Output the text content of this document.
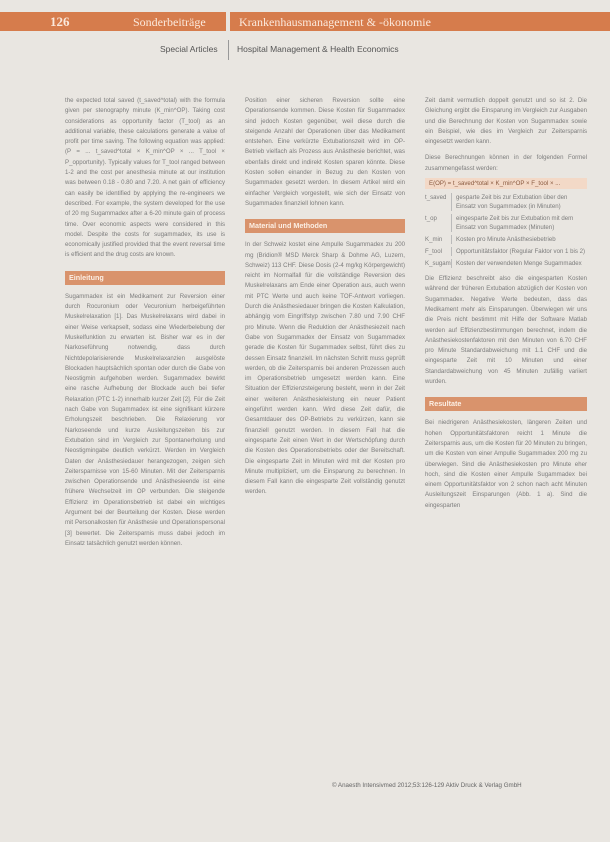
126	Sonderbeiträge	Krankenhausmanagement & -ökonomie
Special Articles Hospital Management & Health Economics

the expected total saved (t_saved^total) with the formula given per stenography minute (K_min^OP). Taking cost considerations as opportunity factor (T_tool) as an additional variable, these calculations generate a value of profit per time saving. The following equation was applied: (P = ... t_saved^total × K_min^OP × ... T_tool × P_opportunity). Typically values for T_tool ranged between 1-2 and the cost per anesthesia minute at our institution was between 0.18 - 0.80 and 7.20. A net gain of efficiency can easily be identified by applying the re-engineers we described. For example, the system developed for the use of 20 mg Sugammadex after a 6-20 minute gain of process time. Over economic aspects were considered in this model. Despite the costs for sugammadex, its use is economically justified provided that the event reversal time is efficient and the drug costs are known.

Einleitung

Sugammadex ist ein Medikament zur Reversion einer durch Rocuronium oder Vecuronium herbeigeführten Muskelrelaxation [1]. Das Muskelrelaxans wird dabei in einer Weise verkapselt, sodass eine Wiederbelebung der Muskelfunktion zu erwarten ist. Bisher war es in der Narkoseführung notwendig, dass durch Nichtdepolarisierende Muskelrelaxanzien ausgelöste Blockaden hauptsächlich spontan oder durch die Gabe von Neostigmin aufgehoben werden. Sugammadex bewirkt eine rasche Aufhebung der Blockade auch bei tiefer Relaxation (PTC 1-2) innerhalb kurzer Zeit [2]. Für die Zeit nach Gabe von Sugammadex ist eine signifikant kürzere Erholungszeit beschrieben. Die Relaxierung vor Narkoseende und kurze Ausleitungszeiten bis zur Extubation sind im Vergleich zur Spontanerholung und Neostigmingabe deutlich verkürzt. Werden im Vergleich Daten der Anästhesiedauer herangezogen, zeigen sich Zeitersparnisse von 15-60 Minuten. Mit der Zeitersparnis zwischen Operationsende und Anästhesieende ist eine frühere Wechselzeit im OP verbunden. Die steigende Effizienz im Operationsbetrieb ist dabei ein wichtiges Argument bei der Beurteilung der Kosten. Diese werden mit Personalkosten für Anästhesie und Operationspersonal [3] bewertet. Die Zeitersparnis muss dabei jedoch im Einsatz tatsächlich genutzt werden können.

Position einer sicheren Reversion sollte eine Operationsende kommen. Diese Kosten für Sugammadex sind jedoch Kosten gegenüber, weil diese durch die steigende Anzahl der Operationen über das Medikament entstehen. Eine verkürzte Extubationszeit wird im OP-Betrieb vielfach als Prozess aus Anästhesie berichtet, was ebenfalls direkt und indirekt Kosten sparen könnte. Diese Kosten sollen einander in Bezug zu den Kosten von Sugammadex gesetzt werden. In diesem Artikel wird ein einfacher Vergleich vorgestellt, wie sich der Einsatz von Sugammadex finanziell lohnen kann.

Material und Methoden

In der Schweiz kostet eine Ampulle Sugammadex zu 200 mg (Bridion® MSD Merck Sharp & Dohme AG, Luzern, Schweiz) 113 CHF. Diese Dosis (2-4 mg/kg Körpergewicht) reicht im Normalfall für die vollständige Reversion des Muskelrelaxans am Ende einer Operation aus, auch wenn mit PTC Werte und auch keine TOF-Antwort vorliegen. Durch die Anästhesiedauer bringen die Kosten Kalkulation, abhängig vom Eingriffstyp zwischen 7.80 und 7.90 CHF pro Minute. Wenn die Reduktion der Anästhesiezeit nach Gabe von Sugammadex der Einsatz von Sugammadex gerade die Kosten für Sugammadex selbst, führt dies zu dessen Einsatz finanziell. Im nächsten Schritt muss geprüft werden, ob die Zeitersparnis bei anderen Prozessen auch im Operationsbetrieb umgesetzt werden kann. Eine Situation der Effizienzsteigerung besteht, wenn in der Zeit einer weiteren Anästhesieleistung ein neuer Patient eingeführt werden kann. Wird diese Zeit dafür, die Gesamtdauer des OP-Betriebs zu verkürzen, kann sie finanziell genutzt werden. In diesem Fall hat die eingesparte Zeit einen Wert in der Wertschöpfung durch die Kosten des Operationsbetriebs oder der Bereitschaft. Die eingesparte Zeit in Minuten wird mit der Kosten pro Minute multipliziert, um die Einsparung zu berechnen. In diesem Fall kann die eingesparte Zeit vollständig genutzt werden.

Zeit damit vermutlich doppelt genutzt und so ist 2. Die Gleichung ergibt die Einsparung im Vergleich zur Ausgaben und die Berechnung der Kosten von Sugammadex sowie ein Beispiel, wie dies im Vergleich zur Zeitersparnis eingesetzt werden kann.

Diese Berechnungen können in der folgenden Formel zusammengefasst werden:

E(OP) = t_saved^total × K_min^OP × F_tool × ...
t_saved	gesparte Zeit bis zur Extubation über den Einsatz von Sugammadex (in Minuten)
t_op	eingesparte Zeit bis zur Extubation mit dem Einsatz von Sugammadex (Minuten)
K_min	Kosten pro Minute Anästhesiebetrieb
F_tool	Opportunitätsfaktor (Regular Faktor von 1 bis 2)
K_sugam Kosten der verwendeten Menge Sugammadex

Die Effizienz beschreibt also die eingesparten Kosten während der früheren Extubation abzüglich der Kosten von Sugammadex. Negative Werte bedeuten, dass das Medikament mehr als Einsparungen. Überwiegen wir uns die Preis nicht bestimmt mit Hilfe der Software Matlab werden auf Effizienzbestimmungen berechnet, indem die Anästhesiekostenfaktoren mit den Minuten von 6.70 CHF pro Minute Standardabweichung mit 1.1 CHF und die eingesparte Zeit mit 10 Minuten und einer Standardabweichung von 45 Minuten zufällig variiert wurden.

Resultate

Bei niedrigeren Anästhesiekosten, längeren Zeiten und hohen Opportunitätsfaktoren reicht 1 Minute die Zeitersparnis aus, um die Kosten für 20 Minuten zu bringen, um die Kosten von einer Ampulle Sugammadex 200 mg zu überwiegen. Sind die Anästhesiekosten pro Minute eher hoch, sind die Kosten einer Ampulle Sugammadex bei einem Opportunitätsfaktor von 2 schon nach acht Minuten Ausleitungszeit Einsparungen (Abb. 1 a). Sind die eingesparten

© Anaesth Intensivmed 2012;53:126-129 Aktiv Druck & Verlag GmbH
